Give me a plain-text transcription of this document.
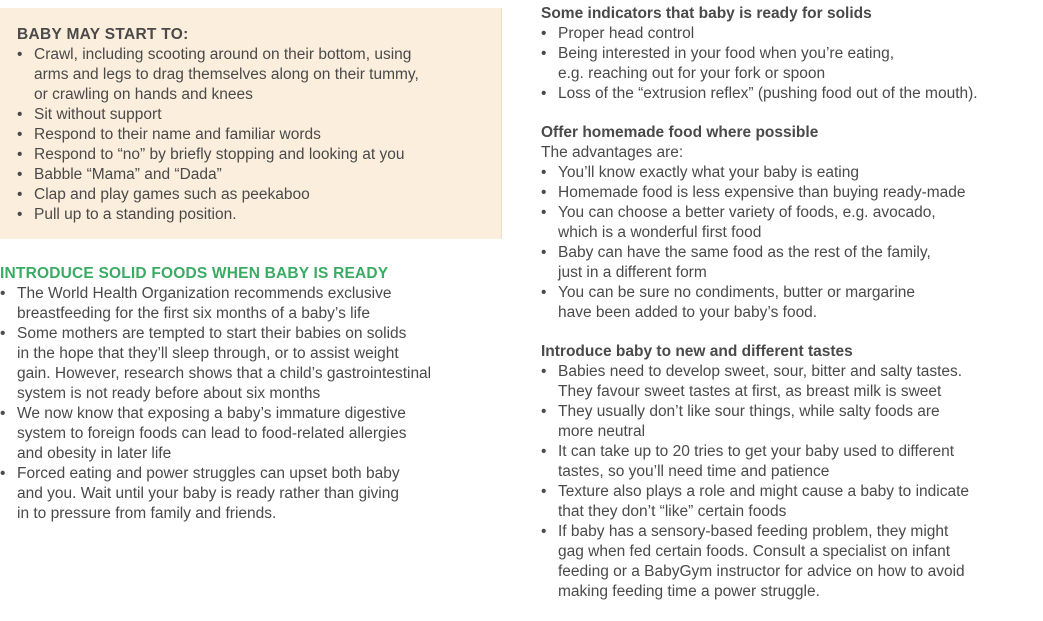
BABY MAY START TO:
• Crawl, including scooting around on their bottom, using
arms and legs to drag themselves along on their tummy,
or crawling on hands and knees
• Sit without support
• Respond to their name and familiar words
• Respond to “no” by briefly stopping and looking at you
• Babble “Mama” and “Dada”
• Clap and play games such as peekaboo
• Pull up to a standing position.
INTRODUCE SOLID FOODS WHEN BABY IS READY
• The World Health Organization recommends exclusive
breastfeeding for the first six months of a baby’s life
• Some mothers are tempted to start their babies on solids
in the hope that they’ll sleep through, or to assist weight
gain. However, research shows that a child’s gastrointestinal
system is not ready before about six months
• We now know that exposing a baby’s immature digestive
system to foreign foods can lead to food-related allergies
and obesity in later life
• Forced eating and power struggles can upset both baby
and you. Wait until your baby is ready rather than giving
in to pressure from family and friends.
Some indicators that baby is ready for solids
• Proper head control
• Being interested in your food when you’re eating,
e.g. reaching out for your fork or spoon
• Loss of the “extrusion reflex” (pushing food out of the mouth).
Offer homemade food where possible

The advantages are:

• You’ll know exactly what your baby is eating
• Homemade food is less expensive than buying ready-made
• You can choose a better variety of foods, e.g. avocado,
which is a wonderful first food
• Baby can have the same food as the rest of the family,
just in a different form
• You can be sure no condiments, butter or margarine
have been added to your baby’s food.
Introduce baby to new and different tastes
• Babies need to develop sweet, sour, bitter and salty tastes.
They favour sweet tastes at first, as breast milk is sweet
• They usually don’t like sour things, while salty foods are
more neutral
• It can take up to 20 tries to get your baby used to different
tastes, so you’ll need time and patience
• Texture also plays a role and might cause a baby to indicate
that they don’t “like” certain foods
• If baby has a sensory-based feeding problem, they might
gag when fed certain foods. Consult a specialist on infant
feeding or a BabyGym instructor for advice on how to avoid
making feeding time a power struggle.
